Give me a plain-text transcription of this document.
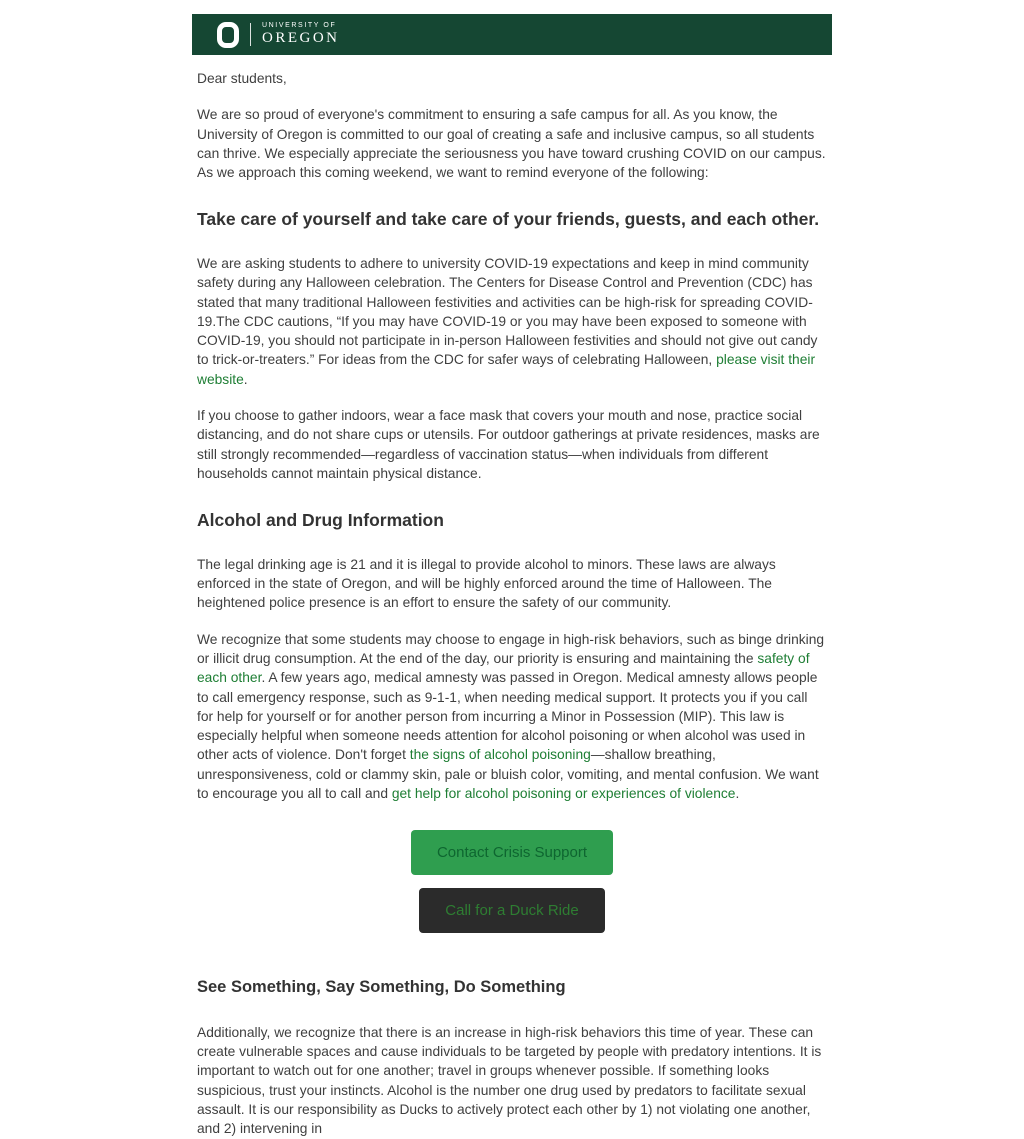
UNIVERSITY OF
OREGON

Dear students,

We are so proud of everyone's commitment to ensuring a safe campus for all. As you know, the University of Oregon is committed to our goal of creating a safe and inclusive campus, so all students can thrive. We especially appreciate the seriousness you have toward crushing COVID on our campus. As we approach this coming weekend, we want to remind everyone of the following:

Take care of yourself and take care of your friends, guests, and each other.

We are asking students to adhere to university COVID-19 expectations and keep in mind community safety during any Halloween celebration. The Centers for Disease Control and Prevention (CDC) has stated that many traditional Halloween festivities and activities can be high-risk for spreading COVID-19.The CDC cautions, “If you may have COVID-19 or you may have been exposed to someone with COVID-19, you should not participate in in-person Halloween festivities and should not give out candy to trick-or-treaters.” For ideas from the CDC for safer ways of celebrating Halloween, please visit their website.

If you choose to gather indoors, wear a face mask that covers your mouth and nose, practice social distancing, and do not share cups or utensils. For outdoor gatherings at private residences, masks are still strongly recommended—regardless of vaccination status—when individuals from different households cannot maintain physical distance.

Alcohol and Drug Information

The legal drinking age is 21 and it is illegal to provide alcohol to minors. These laws are always enforced in the state of Oregon, and will be highly enforced around the time of Halloween. The heightened police presence is an effort to ensure the safety of our community.

We recognize that some students may choose to engage in high-risk behaviors, such as binge drinking or illicit drug consumption. At the end of the day, our priority is ensuring and maintaining the safety of each other. A few years ago, medical amnesty was passed in Oregon. Medical amnesty allows people to call emergency response, such as 9-1-1, when needing medical support. It protects you if you call for help for yourself or for another person from incurring a Minor in Possession (MIP). This law is especially helpful when someone needs attention for alcohol poisoning or when alcohol was used in other acts of violence. Don't forget the signs of alcohol poisoning—shallow breathing, unresponsiveness, cold or clammy skin, pale or bluish color, vomiting, and mental confusion. We want to encourage you all to call and get help for alcohol poisoning or experiences of violence.

Contact Crisis Support
Call for a Duck Ride
See Something, Say Something, Do Something

Additionally, we recognize that there is an increase in high-risk behaviors this time of year. These can create vulnerable spaces and cause individuals to be targeted by people with predatory intentions. It is important to watch out for one another; travel in groups whenever possible. If something looks suspicious, trust your instincts. Alcohol is the number one drug used by predators to facilitate sexual assault. It is our responsibility as Ducks to actively protect each other by 1) not violating one another, and 2) intervening in
